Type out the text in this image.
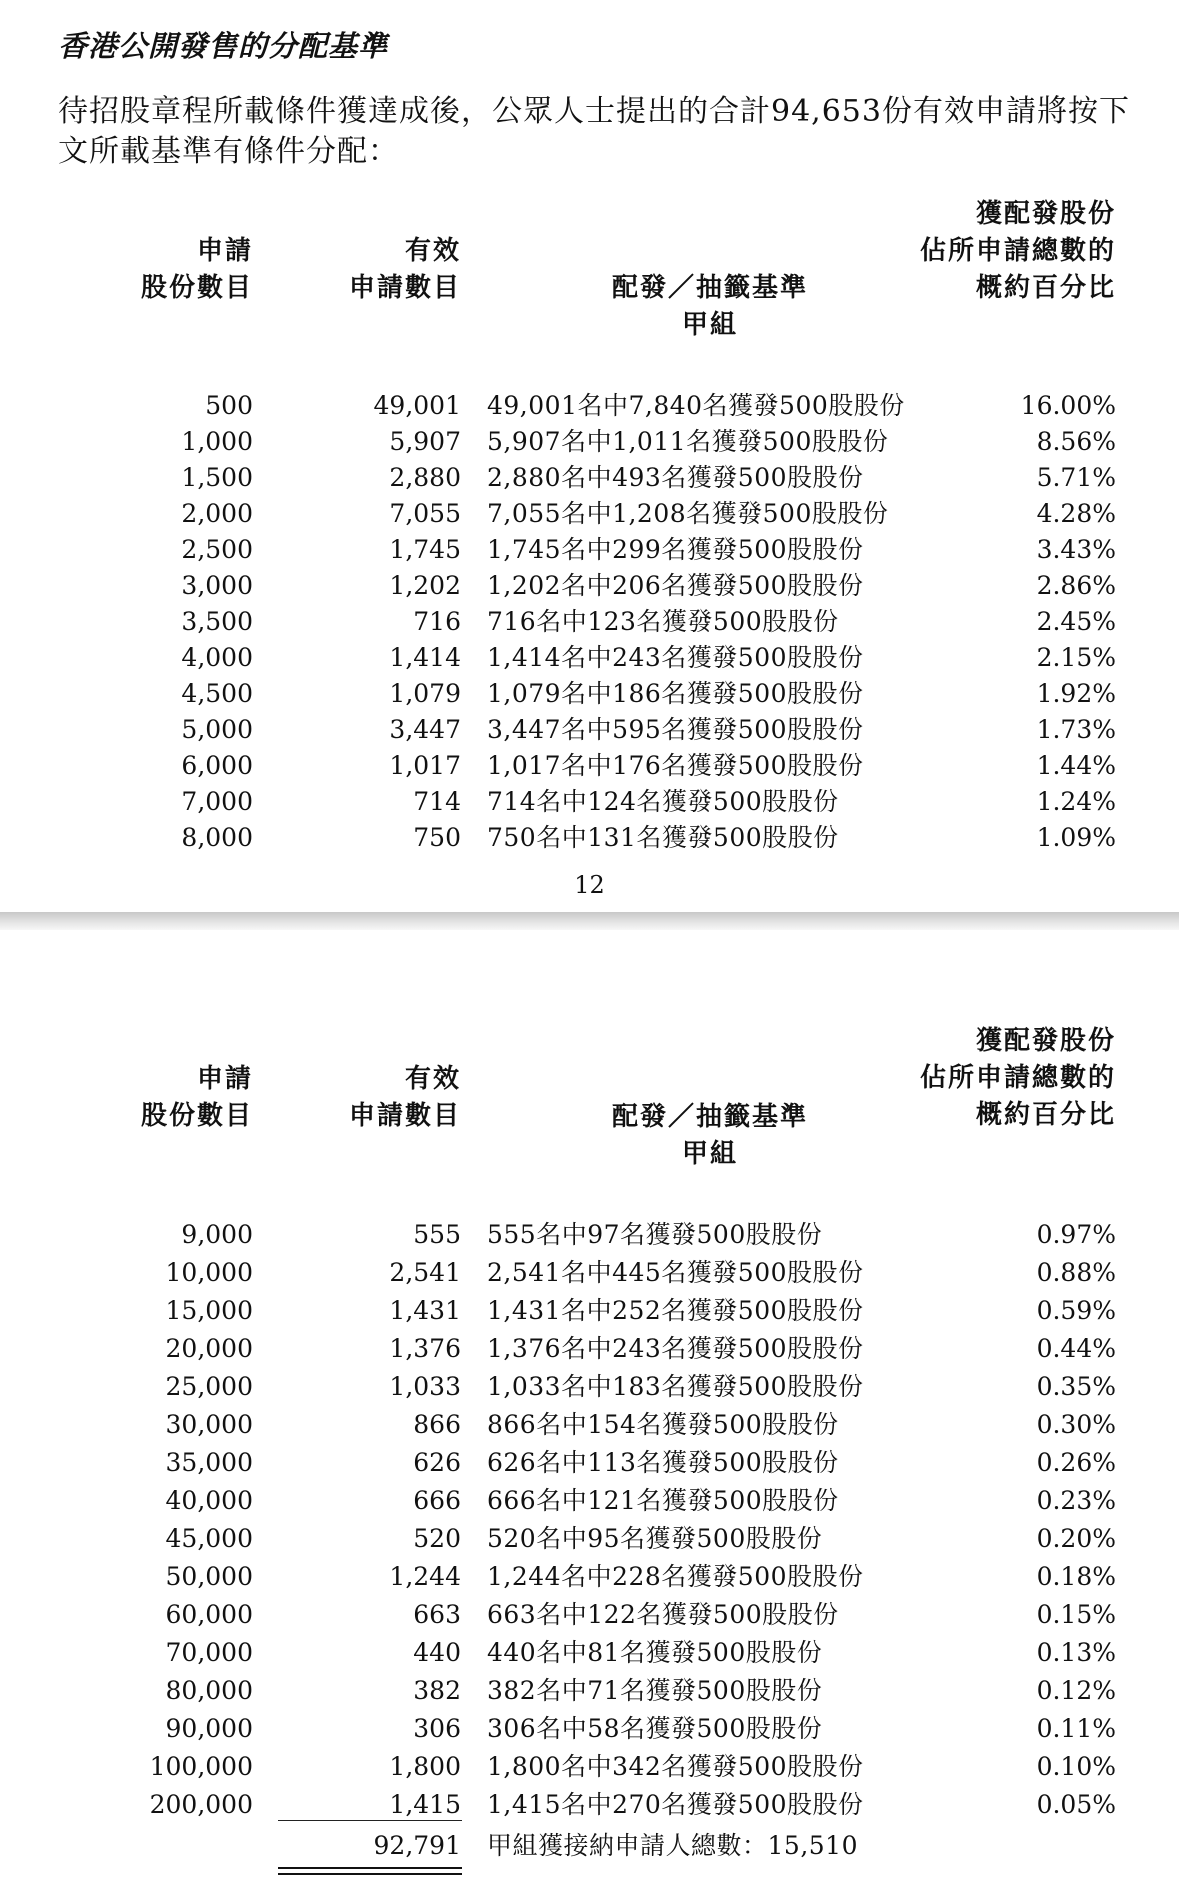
香港公開發售的分配基準
待招股章程所載條件獲達成後，公眾人士提出的合計94,653份有效申請將按下文所載基準有條件分配：
申請
股份數目
有效
申請數目	配發／抽籤基準
甲組
獲配發股份
佔所申請總數的
概約百分比
500	49,001 49,001名中7,840名獲發500股股份	16.00%
1,000	5,907 5,907名中1,011名獲發500股股份	8.56%
1,500	2,880 2,880名中493名獲發500股股份	5.71%
2,000	7,055 7,055名中1,208名獲發500股股份	4.28%
2,500	1,745 1,745名中299名獲發500股股份	3.43%
3,000	1,202 1,202名中206名獲發500股股份	2.86%
3,500	716 716名中123名獲發500股股份	2.45%
4,000	1,414 1,414名中243名獲發500股股份	2.15%
4,500	1,079 1,079名中186名獲發500股股份	1.92%
5,000	3,447 3,447名中595名獲發500股股份	1.73%
6,000	1,017 1,017名中176名獲發500股股份	1.44%
7,000	714 714名中124名獲發500股股份	1.24%
8,000	750 750名中131名獲發500股股份	1.09%
12
申請
股份數目
有效
申請數目	配發／抽籤基準
甲組
獲配發股份
佔所申請總數的
概約百分比
9,000	555 555名中97名獲發500股股份	0.97%
10,000	2,541 2,541名中445名獲發500股股份	0.88%
15,000	1,431 1,431名中252名獲發500股股份	0.59%
20,000	1,376 1,376名中243名獲發500股股份	0.44%
25,000	1,033 1,033名中183名獲發500股股份	0.35%
30,000	866 866名中154名獲發500股股份	0.30%
35,000	626 626名中113名獲發500股股份	0.26%
40,000	666 666名中121名獲發500股股份	0.23%
45,000	520 520名中95名獲發500股股份	0.20%
50,000	1,244 1,244名中228名獲發500股股份	0.18%
60,000	663 663名中122名獲發500股股份	0.15%
70,000	440 440名中81名獲發500股股份	0.13%
80,000	382 382名中71名獲發500股股份	0.12%
90,000	306 306名中58名獲發500股股份	0.11%
100,000	1,800 1,800名中342名獲發500股股份	0.10%
200,000	1,415 1,415名中270名獲發500股股份	0.05%
92,791 甲組獲接納申請人總數：15,510
